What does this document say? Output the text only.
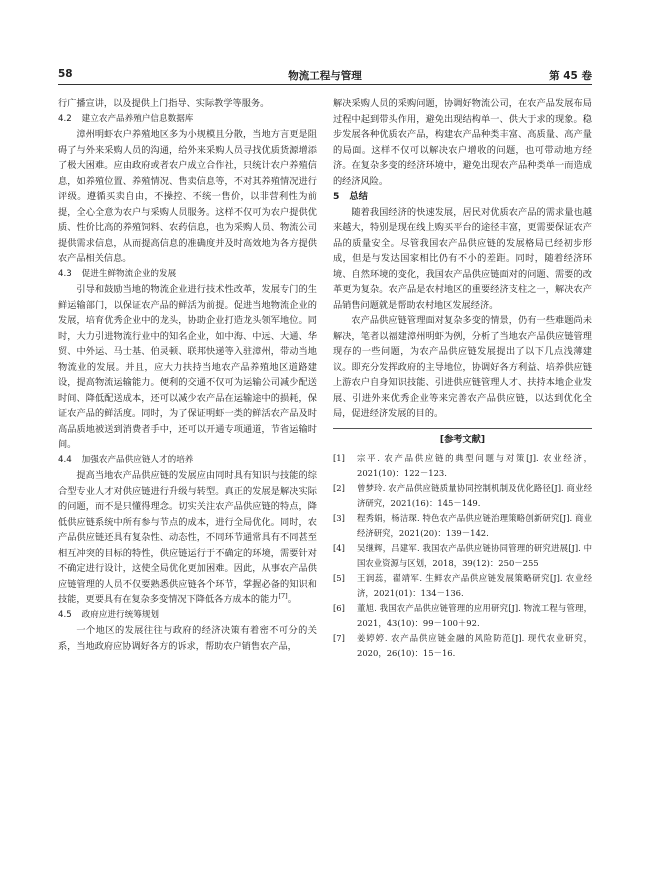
58	物流工程与管理	第 45 卷

行广播宣讲，以及提供上门指导、实际教学等服务。

4.2 建立农产品养殖户信息数据库

漳州明虾农户养殖地区多为小规模且分散，当地方言更是阻碍了与外来采购人员的沟通，给外来采购人员寻找优质货源增添了极大困难。应由政府或者农户成立合作社，只统计农户养殖信息，如养殖位置、养殖情况、售卖信息等，不对其养殖情况进行评级。遵循买卖自由，不操控、不统一售价，以非营利性为前提，全心全意为农户与采购人员服务。这样不仅可为农户提供优质、性价比高的养殖饲料、农药信息，也为采购人员、物流公司提供需求信息，从而提高信息的准确度并及时高效地为各方提供农产品相关信息。

4.3 促进生鲜物流企业的发展

引导和鼓励当地的物流企业进行技术性改革，发展专门的生鲜运输部门，以保证农产品的鲜活为前提。促进当地物流企业的发展，培育优秀企业中的龙头，协助企业打造龙头领军地位。同时，大力引进物流行业中的知名企业，如中海、中远、大通、华贸、中外运、马士基、伯灵顿、联邦快递等入驻漳州，带动当地物流业的发展。并且，应大力扶持当地农产品养殖地区道路建设，提高物流运输能力。便利的交通不仅可为运输公司减少配送时间、降低配送成本，还可以减少农产品在运输途中的损耗，保证农产品的鲜活度。同时，为了保证明虾一类的鲜活农产品及时高品质地被送到消费者手中，还可以开通专项通道，节省运输时间。

4.4 加强农产品供应链人才的培养

提高当地农产品供应链的发展应由同时具有知识与技能的综合型专业人才对供应链进行升级与转型。真正的发展是解决实际的问题，而不是只懂得理念。切实关注农产品供应链的特点，降低供应链系统中所有参与节点的成本，进行全局优化。同时，农产品供应链还具有复杂性、动态性，不同环节通常具有不同甚至相互冲突的目标的特性，供应链运行于不确定的环境，需要针对不确定进行设计，这使全局优化更加困难。因此，从事农产品供应链管理的人员不仅要熟悉供应链各个环节，掌握必备的知识和技能，更要具有在复杂多变情况下降低各方成本的能力[7]。

4.5 政府应进行统筹规划

一个地区的发展往往与政府的经济决策有着密不可分的关系，当地政府应协调好各方的诉求，帮助农户销售农产品，

解决采购人员的采购问题，协调好物流公司，在农产品发展布局过程中起到带头作用，避免出现结构单一、供大于求的现象。稳步发展各种优质农产品，构建农产品种类丰富、高质量、高产量的局面。这样不仅可以解决农户增收的问题，也可带动地方经济。在复杂多变的经济环境中，避免出现农产品种类单一而造成的经济风险。

5 总结

随着我国经济的快速发展，居民对优质农产品的需求量也越来越大，特别是现在线上购买平台的途径丰富，更需要保证农产品的质量安全。尽管我国农产品供应链的发展格局已经初步形成，但是与发达国家相比仍有不小的差距。同时，随着经济环境、自然环境的变化，我国农产品供应链面对的问题、需要的改革更为复杂。农产品是农村地区的重要经济支柱之一，解决农产品销售问题就是帮助农村地区发展经济。

农产品供应链管理面对复杂多变的情景，仍有一些难题尚未解决，笔者以福建漳州明虾为例，分析了当地农产品供应链管理现存的一些问题，为农产品供应链发展提出了以下几点浅薄建议。即充分发挥政府的主导地位，协调好各方利益、培养供应链上游农户自身知识技能、引进供应链管理人才、扶持本地企业发展、引进外来优秀企业等来完善农产品供应链，以达到优化全局，促进经济发展的目的。

[参考文献]
[1] 宗平. 农产品供应链的典型问题与对策[J]. 农业经济，2021(10)：122－123.
[2] 曾梦玲. 农产品供应链质量协同控制机制及优化路径[J]. 商业经济研究，2021(16)：145－149.
[3] 程秀娟，杨洁琛. 特色农产品供应链治理策略创新研究[J]. 商业经济研究，2021(20)：139－142.
[4] 吴继辉，吕建军. 我国农产品供应链协同管理的研究进展[J]. 中国农业资源与区划，2018，39(12)：250－255
[5] 王润蕊，翟靖军. 生鲜农产品供应链发展策略研究[J]. 农业经济，2021(01)：134－136.
[6] 董旭. 我国农产品供应链管理的应用研究[J]. 物流工程与管理，2021，43(10)：99－100＋92.
[7] 姜婷婷. 农产品供应链金融的风险防范[J]. 现代农业研究，2020，26(10)：15－16.
